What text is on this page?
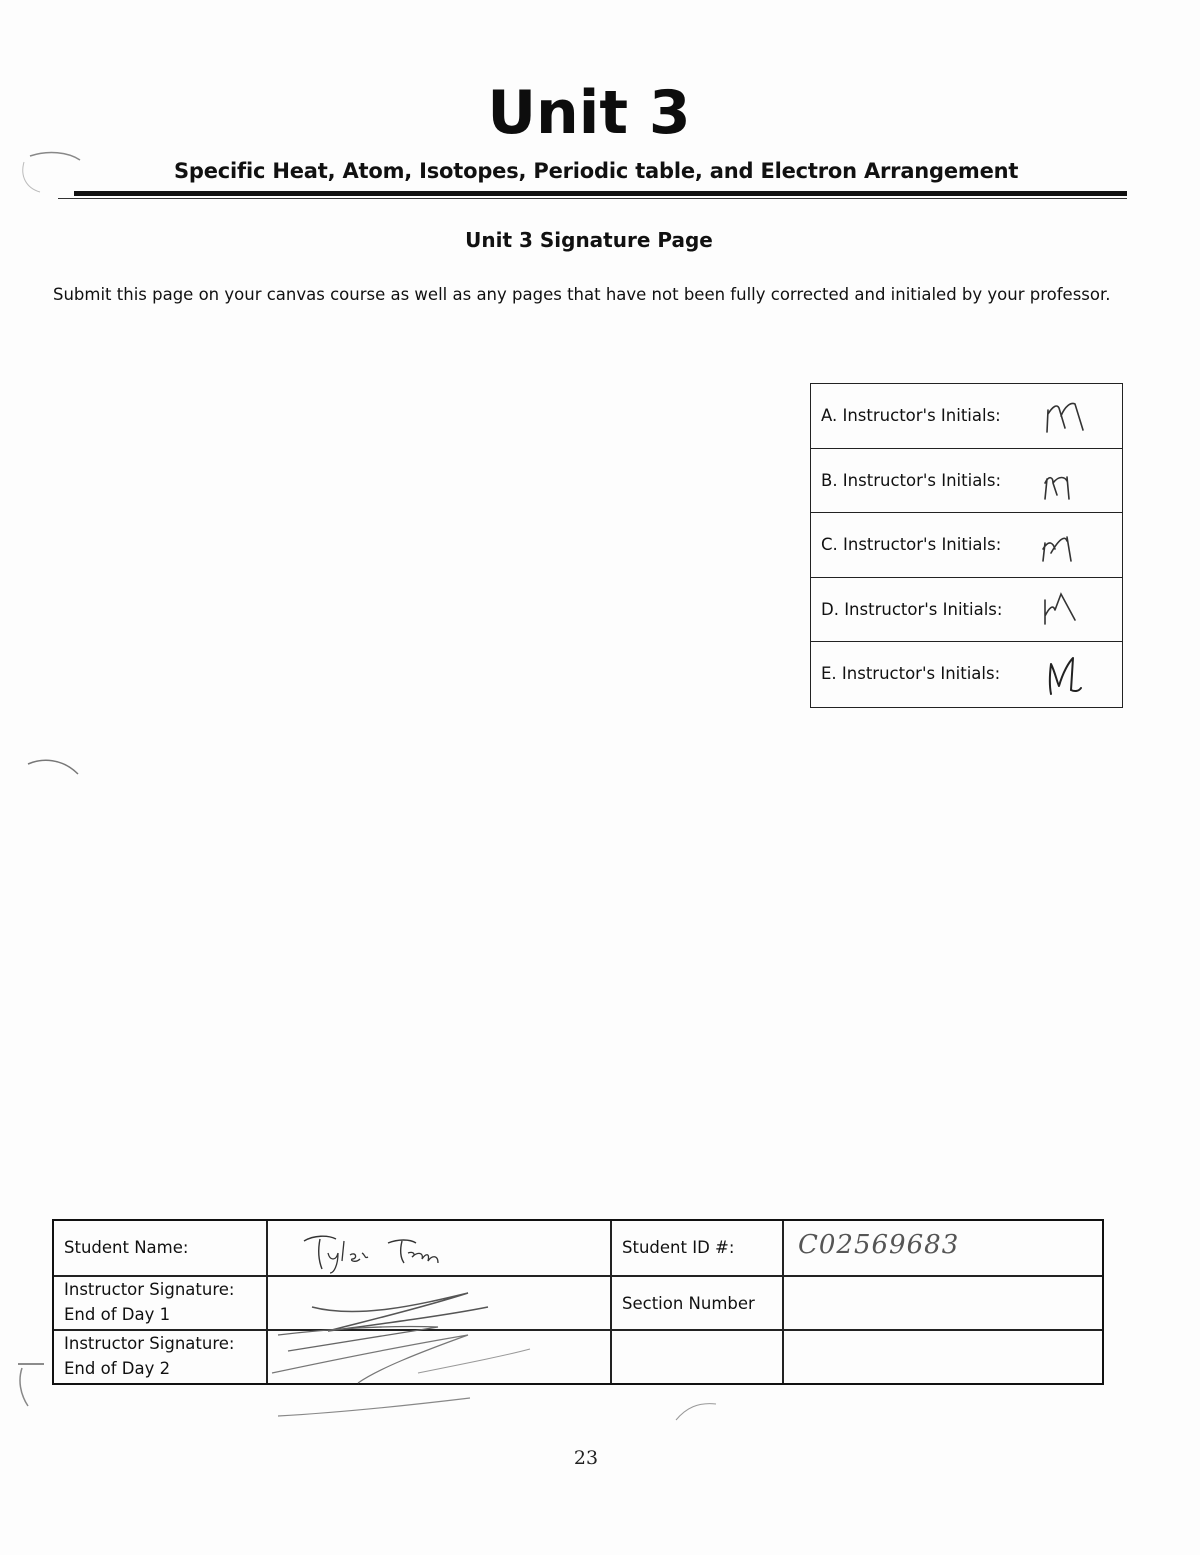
Unit 3
Specific Heat, Atom, Isotopes, Periodic table, and Electron Arrangement
Unit 3 Signature Page
Submit this page on your canvas course as well as any pages that have not been fully corrected and initialed by your professor.
A. Instructor's Initials:
B. Instructor's Initials:
C. Instructor's Initials:
D. Instructor's Initials:
E. Instructor's Initials:
Student Name:	Student ID #: C02569683
Instructor Signature:
End of Day 1
Section Number
Instructor Signature:
End of Day 2
23
